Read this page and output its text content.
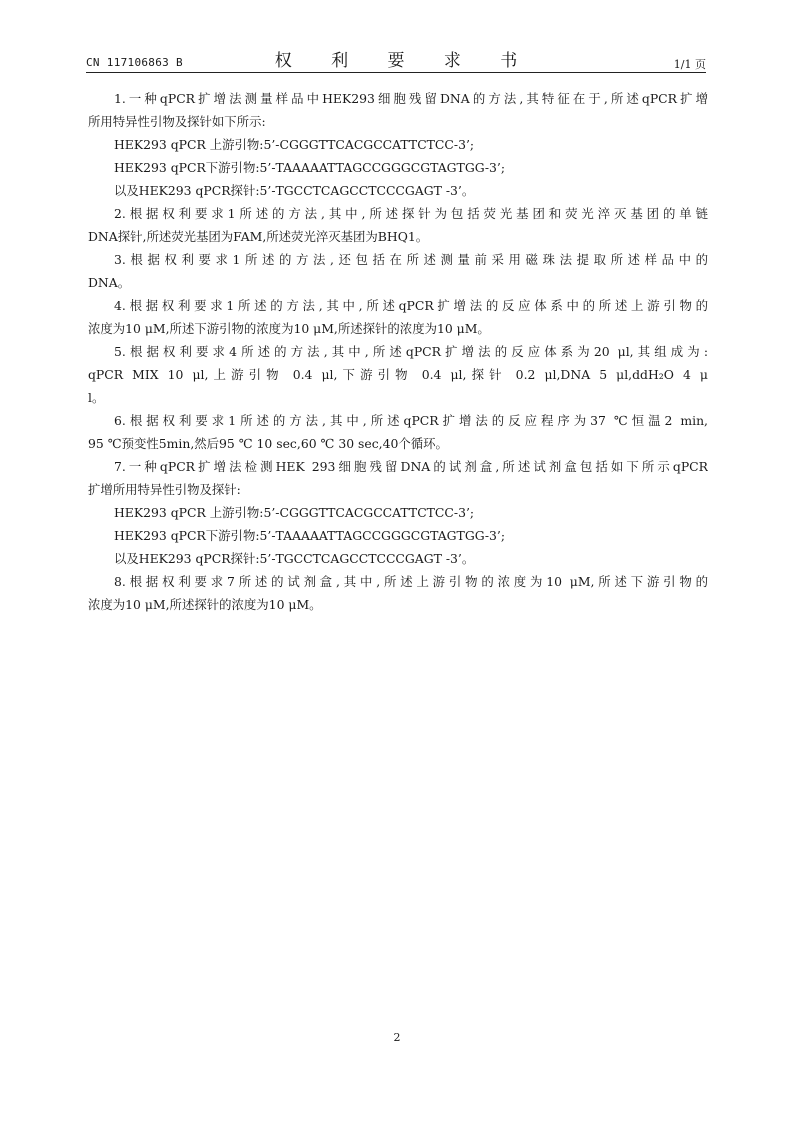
CN 117106863 B	权 利 要 求 书	1/1 页
1.一种qPCR扩增法测量样品中HEK293细胞残留DNA的方法,其特征在于,所述qPCR扩增
所用特异性引物及探针如下所示:
HEK293 qPCR 上游引物:5’-CGGGTTCACGCCATTCTCC-3’;
HEK293 qPCR下游引物:5’-TAAAAATTAGCCGGGCGTAGTGG-3’;
以及HEK293 qPCR探针:5’-TGCCTCAGCCTCCCGAGT -3’。
2.根据权利要求1所述的方法,其中,所述探针为包括荧光基团和荧光淬灭基团的单链
DNA探针,所述荧光基团为FAM,所述荧光淬灭基团为BHQ1。
3.根据权利要求1所述的方法,还包括在所述测量前采用磁珠法提取所述样品中的
DNA。
4.根据权利要求1所述的方法,其中,所述qPCR扩增法的反应体系中的所述上游引物的
浓度为10 μM,所述下游引物的浓度为10 μM,所述探针的浓度为10 μM。
5.根据权利要求4所述的方法,其中,所述qPCR扩增法的反应体系为20 μl,其组成为:
qPCR MIX 10 μl,上游引物 0.4 μl,下游引物 0.4 μl,探针 0.2 μl,DNA 5 μl,ddH₂O 4 μ
l。
6.根据权利要求1所述的方法,其中,所述qPCR扩增法的反应程序为37 ℃恒温2 min,
95 ℃预变性5min,然后95 ℃ 10 sec,60 ℃ 30 sec,40个循环。
7.一种qPCR扩增法检测HEK 293细胞残留DNA的试剂盒,所述试剂盒包括如下所示qPCR
扩增所用特异性引物及探针:
HEK293 qPCR 上游引物:5’-CGGGTTCACGCCATTCTCC-3’;
HEK293 qPCR下游引物:5’-TAAAAATTAGCCGGGCGTAGTGG-3’;
以及HEK293 qPCR探针:5’-TGCCTCAGCCTCCCGAGT -3’。
8.根据权利要求7所述的试剂盒,其中,所述上游引物的浓度为10 μM,所述下游引物的
浓度为10 μM,所述探针的浓度为10 μM。
2
